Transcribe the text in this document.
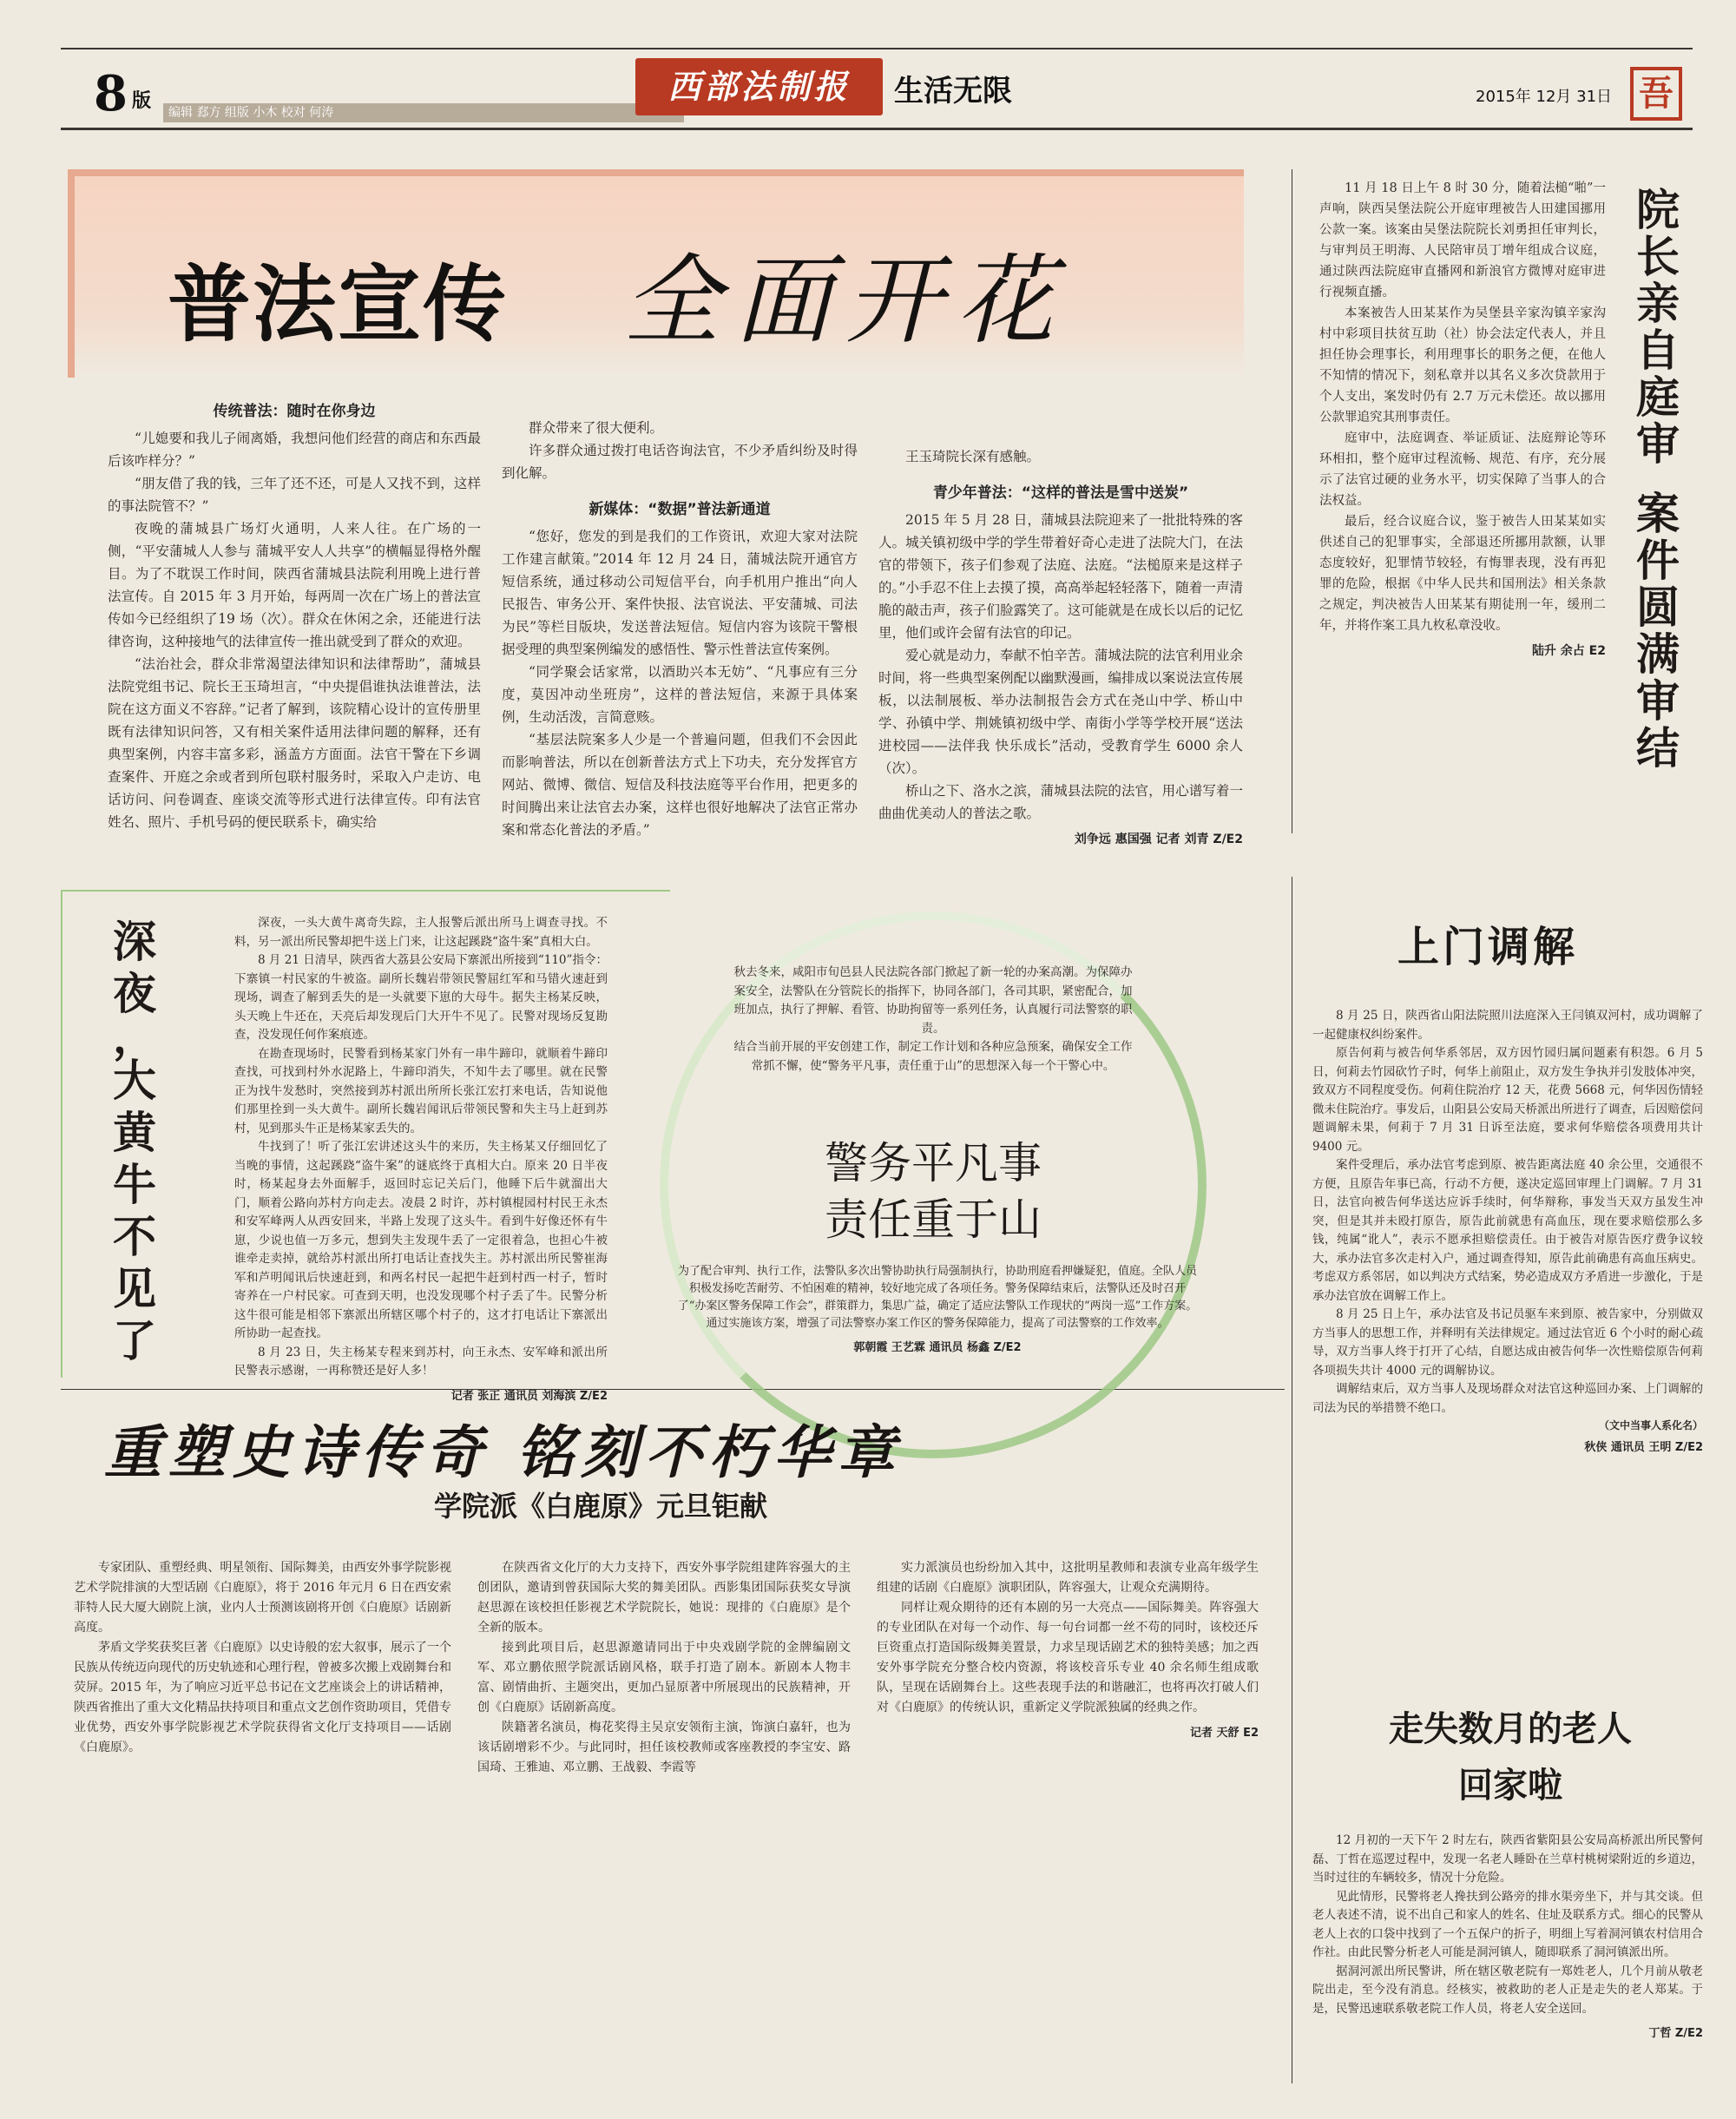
8 版
编辑 郄方 组版 小木 校对 何涛
西部法制报	生活无限	2015年 12月 31日 吾
普法宣传 全面开花
传统普法：随时在你身边

“儿媳要和我儿子闹离婚，我想问他们经营的商店和东西最后该咋样分？”

“朋友借了我的钱，三年了还不还，可是人又找不到，这样的事法院管不？”

夜晚的蒲城县广场灯火通明，人来人往。在广场的一侧，“平安蒲城人人参与 蒲城平安人人共享”的横幅显得格外醒目。为了不耽误工作时间，陕西省蒲城县法院利用晚上进行普法宣传。自 2015 年 3 月开始，每两周一次在广场上的普法宣传如今已经组织了19 场（次）。群众在休闲之余，还能进行法律咨询，这种接地气的法律宣传一推出就受到了群众的欢迎。

“法治社会，群众非常渴望法律知识和法律帮助”，蒲城县法院党组书记、院长王玉琦坦言，“中央提倡谁执法谁普法，法院在这方面义不容辞。”记者了解到，该院精心设计的宣传册里既有法律知识问答，又有相关案件适用法律问题的解释，还有典型案例，内容丰富多彩，涵盖方方面面。法官干警在下乡调查案件、开庭之余或者到所包联村服务时，采取入户走访、电话访问、问卷调查、座谈交流等形式进行法律宣传。印有法官姓名、照片、手机号码的便民联系卡，确实给

群众带来了很大便利。

许多群众通过拨打电话咨询法官，不少矛盾纠纷及时得到化解。

新媒体：“数据”普法新通道

“您好，您发的到是我们的工作资讯，欢迎大家对法院工作建言献策。”2014 年 12 月 24 日，蒲城法院开通官方短信系统，通过移动公司短信平台，向手机用户推出“向人民报告、审务公开、案件快报、法官说法、平安蒲城、司法为民”等栏目版块，发送普法短信。短信内容为该院干警根据受理的典型案例编发的感悟性、警示性普法宣传案例。

“同学聚会话家常，以酒助兴本无妨”、“凡事应有三分度，莫因冲动坐班房”，这样的普法短信，来源于具体案例，生动活泼，言简意赅。

“基层法院案多人少是一个普遍问题，但我们不会因此而影响普法，所以在创新普法方式上下功夫，充分发挥官方网站、微博、微信、短信及科技法庭等平台作用，把更多的时间腾出来让法官去办案，这样也很好地解决了法官正常办案和常态化普法的矛盾。”

王玉琦院长深有感触。

青少年普法：“这样的普法是雪中送炭”

2015 年 5 月 28 日，蒲城县法院迎来了一批批特殊的客人。城关镇初级中学的学生带着好奇心走进了法院大门，在法官的带领下，孩子们参观了法庭、法庭。“法槌原来是这样子的。”小手忍不住上去摸了摸，高高举起轻轻落下，随着一声清脆的敲击声，孩子们脸露笑了。这可能就是在成长以后的记忆里，他们或许会留有法官的印记。

爱心就是动力，奉献不怕辛苦。蒲城法院的法官利用业余时间，将一些典型案例配以幽默漫画，编排成以案说法宣传展板，以法制展板、举办法制报告会方式在尧山中学、桥山中学、孙镇中学、荆姚镇初级中学、南街小学等学校开展“送法进校园——法伴我 快乐成长”活动，受教育学生 6000 余人（次）。

桥山之下、洛水之滨，蒲城县法院的法官，用心谱写着一曲曲优美动人的普法之歌。

刘争远 惠国强 记者 刘青 Z/E2

11 月 18 日上午 8 时 30 分，随着法槌“啪”一声响，陕西吴堡法院公开庭审理被告人田建国挪用公款一案。该案由吴堡法院院长刘勇担任审判长，与审判员王明海、人民陪审员丁增年组成合议庭，通过陕西法院庭审直播网和新浪官方微博对庭审进行视频直播。

本案被告人田某某作为吴堡县辛家沟镇辛家沟村中彩项目扶贫互助（社）协会法定代表人，并且担任协会理事长，利用理事长的职务之便，在他人不知情的情况下，刻私章并以其名义多次贷款用于个人支出，案发时仍有 2.7 万元未偿还。故以挪用公款罪追究其刑事责任。

庭审中，法庭调查、举证质证、法庭辩论等环环相扣，整个庭审过程流畅、规范、有序，充分展示了法官过硬的业务水平，切实保障了当事人的合法权益。

最后，经合议庭合议，鉴于被告人田某某如实供述自己的犯罪事实，全部退还所挪用款额，认罪态度较好，犯罪情节较轻，有悔罪表现，没有再犯罪的危险，根据《中华人民共和国刑法》相关条款之规定，判决被告人田某某有期徒刑一年，缓刑二年，并将作案工具九枚私章没收。

陆升 余占 E2
院
长
亲
自
庭
审
案
件
圆
满
审
结
深
夜
，
大
黄
牛
不
见
了

深夜，一头大黄牛离奇失踪，主人报警后派出所马上调查寻找。不料，另一派出所民警却把牛送上门来，让这起蹊跷“盗牛案”真相大白。

8 月 21 日清早，陕西省大荔县公安局下寨派出所接到“110”指令：下寨镇一村民家的牛被盗。副所长魏岩带领民警屈红军和马错火速赶到现场，调查了解到丢失的是一头就要下崽的大母牛。据失主杨某反映，头天晚上牛还在，天亮后却发现后门大开牛不见了。民警对现场反复勘查，没发现任何作案痕迹。

在勘查现场时，民警看到杨某家门外有一串牛蹄印，就顺着牛蹄印查找，可找到村外水泥路上，牛蹄印消失，不知牛去了哪里。就在民警正为找牛发愁时，突然接到苏村派出所所长张江宏打来电话，告知说他们那里拴到一头大黄牛。副所长魏岩闻讯后带领民警和失主马上赶到苏村，见到那头牛正是杨某家丢失的。

牛找到了！听了张江宏讲述这头牛的来历，失主杨某又仔细回忆了当晚的事情，这起蹊跷“盗牛案”的谜底终于真相大白。原来 20 日半夜时，杨某起身去外面解手，返回时忘记关后门，他睡下后牛就溜出大门，顺着公路向苏村方向走去。凌晨 2 时许，苏村镇棍园村村民王永杰和安军峰两人从西安回来，半路上发现了这头牛。看到牛好像还怀有牛崽，少说也值一万多元，想到失主发现牛丢了一定很着急，也担心牛被谁牵走卖掉，就给苏村派出所打电话让查找失主。苏村派出所民警崔海军和芦明闻讯后快速赶到，和两名村民一起把牛赶到村西一村子，暂时寄养在一户村民家。可查到天明，也没发现哪个村子丢了牛。民警分析这牛很可能是相邻下寨派出所辖区哪个村子的，这才打电话让下寨派出所协助一起查找。

8 月 23 日，失主杨某专程来到苏村，向王永杰、安军峰和派出所民警表示感谢，一再称赞还是好人多！

记者 张正 通讯员 刘海滨 Z/E2

秋去冬来，咸阳市旬邑县人民法院各部门掀起了新一轮的办案高潮。为保障办案安全，法警队在分管院长的指挥下，协同各部门，各司其职，紧密配合，加班加点，执行了押解、看管、协助拘留等一系列任务，认真履行司法警察的职责。

结合当前开展的平安创建工作，制定工作计划和各种应急预案，确保安全工作常抓不懈，使“警务平凡事，责任重于山”的思想深入每一个干警心中。

警务平凡事
责任重于山

为了配合审判、执行工作，法警队多次出警协助执行局强制执行，协助刑庭看押嫌疑犯，值庭。全队人员积极发扬吃苦耐劳、不怕困难的精神，较好地完成了各项任务。警务保障结束后，法警队还及时召开了“办案区警务保障工作会”，群策群力，集思广益，确定了适应法警队工作现状的“两岗一巡”工作方案。通过实施该方案，增强了司法警察办案工作区的警务保障能力，提高了司法警察的工作效率。

郭朝霞 王艺霖 通讯员 杨鑫 Z/E2
上门调解

8 月 25 日，陕西省山阳法院照川法庭深入王闫镇双河村，成功调解了一起健康权纠纷案件。

原告何莉与被告何华系邻居，双方因竹园归属问题素有积怨。6 月 5 日，何莉去竹园砍竹子时，何华上前阻止，双方发生争执并引发肢体冲突，致双方不同程度受伤。何莉住院治疗 12 天，花费 5668 元，何华因伤情轻微未住院治疗。事发后，山阳县公安局天桥派出所进行了调查，后因赔偿问题调解未果，何莉于 7 月 31 日诉至法庭，要求何华赔偿各项费用共计 9400 元。

案件受理后，承办法官考虑到原、被告距离法庭 40 余公里，交通很不方便，且原告年事已高，行动不方便，遂决定巡回审理上门调解。7 月 31 日，法官向被告何华送达应诉手续时，何华辩称，事发当天双方虽发生冲突，但是其并未殴打原告，原告此前就患有高血压，现在要求赔偿那么多钱，纯属“讹人”，表示不愿承担赔偿责任。由于被告对原告医疗费争议较大，承办法官多次走村入户，通过调查得知，原告此前确患有高血压病史。考虑双方系邻居，如以判决方式结案，势必造成双方矛盾进一步激化，于是承办法官放在调解工作上。

8 月 25 日上午，承办法官及书记员驱车来到原、被告家中，分别做双方当事人的思想工作，并释明有关法律规定。通过法官近 6 个小时的耐心疏导，双方当事人终于打开了心结，自愿达成由被告何华一次性赔偿原告何莉各项损失共计 4000 元的调解协议。

调解结束后，双方当事人及现场群众对法官这种巡回办案、上门调解的司法为民的举措赞不绝口。

（文中当事人系化名）
秋侠 通讯员 王明 Z/E2
重塑史诗传奇 铭刻不朽华章
学院派《白鹿原》元旦钜献

专家团队、重塑经典、明星领衔、国际舞美，由西安外事学院影视艺术学院排演的大型话剧《白鹿原》，将于 2016 年元月 6 日在西安索菲特人民大厦大剧院上演，业内人士预测该剧将开创《白鹿原》话剧新高度。

茅盾文学奖获奖巨著《白鹿原》以史诗般的宏大叙事，展示了一个民族从传统迈向现代的历史轨迹和心理行程，曾被多次搬上戏剧舞台和荧屏。2015 年，为了响应习近平总书记在文艺座谈会上的讲话精神，陕西省推出了重大文化精品扶持项目和重点文艺创作资助项目，凭借专业优势，西安外事学院影视艺术学院获得省文化厅支持项目——话剧《白鹿原》。

在陕西省文化厅的大力支持下，西安外事学院组建阵容强大的主创团队，邀请到曾获国际大奖的舞美团队。西影集团国际获奖女导演赵思源在该校担任影视艺术学院院长，她说：现排的《白鹿原》是个全新的版本。

接到此项目后，赵思源邀请同出于中央戏剧学院的金牌编剧文军、邓立鹏依照学院派话剧风格，联手打造了剧本。新剧本人物丰富、剧情曲折、主题突出，更加凸显原著中所展现出的民族精神，开创《白鹿原》话剧新高度。

陕籍著名演员，梅花奖得主吴京安领衔主演，饰演白嘉轩，也为该话剧增彩不少。与此同时，担任该校教师或客座教授的李宝安、路国琦、王雅迪、邓立鹏、王战毅、李霞等

实力派演员也纷纷加入其中，这批明星教师和表演专业高年级学生组建的话剧《白鹿原》演职团队，阵容强大，让观众充满期待。

同样让观众期待的还有本剧的另一大亮点——国际舞美。阵容强大的专业团队在对每一个动作、每一句台词都一丝不苟的同时，该校还斥巨资重点打造国际级舞美置景，力求呈现话剧艺术的独特美感；加之西安外事学院充分整合校内资源，将该校音乐专业 40 余名师生组成歌队，呈现在话剧舞台上。这些表现手法的和谐融汇，也将再次打破人们对《白鹿原》的传统认识，重新定义学院派独属的经典之作。

记者 天舒 E2	走失数月的老人
回家啦

12 月初的一天下午 2 时左右，陕西省紫阳县公安局高桥派出所民警何磊、丁哲在巡逻过程中，发现一名老人睡卧在兰草村桃树梁附近的乡道边，当时过往的车辆较多，情况十分危险。

见此情形，民警将老人搀扶到公路旁的排水渠旁坐下，并与其交谈。但老人表述不清，说不出自己和家人的姓名、住址及联系方式。细心的民警从老人上衣的口袋中找到了一个五保户的折子，明细上写着洞河镇农村信用合作社。由此民警分析老人可能是洞河镇人，随即联系了洞河镇派出所。

据洞河派出所民警讲，所在辖区敬老院有一郑姓老人，几个月前从敬老院出走，至今没有消息。经核实，被救助的老人正是走失的老人郑某。于是，民警迅速联系敬老院工作人员，将老人安全送回。

丁哲 Z/E2
